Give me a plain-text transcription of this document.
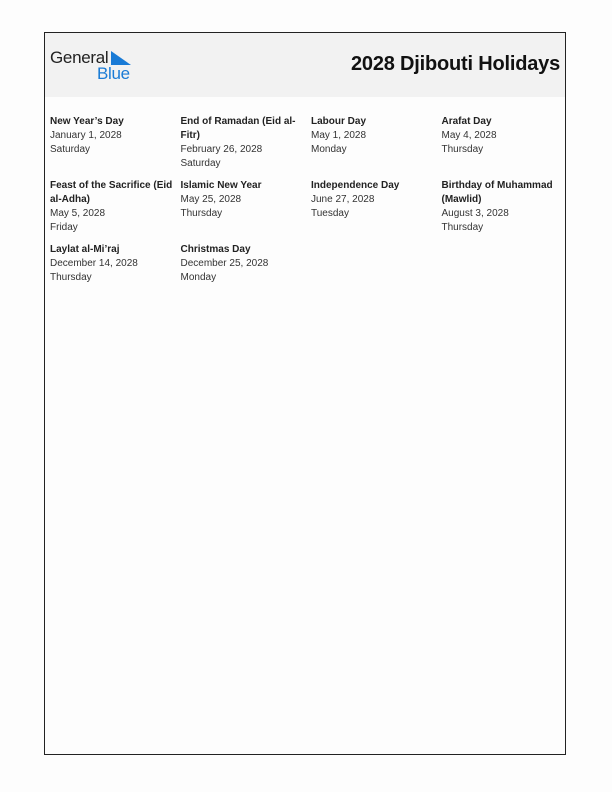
General
Blue	2028 Djibouti Holidays
New Year’s Day
January 1, 2028
Saturday
End of Ramadan (Eid al-Fitr)
February 26, 2028
Saturday
Labour Day
May 1, 2028
Monday
Arafat Day
May 4, 2028
Thursday
Feast of the Sacrifice (Eid al-Adha)
May 5, 2028
Friday
Islamic New Year
May 25, 2028
Thursday
Independence Day
June 27, 2028
Tuesday
Birthday of Muhammad (Mawlid)
August 3, 2028
Thursday
Laylat al-Mi’raj
December 14, 2028
Thursday
Christmas Day
December 25, 2028
Monday
